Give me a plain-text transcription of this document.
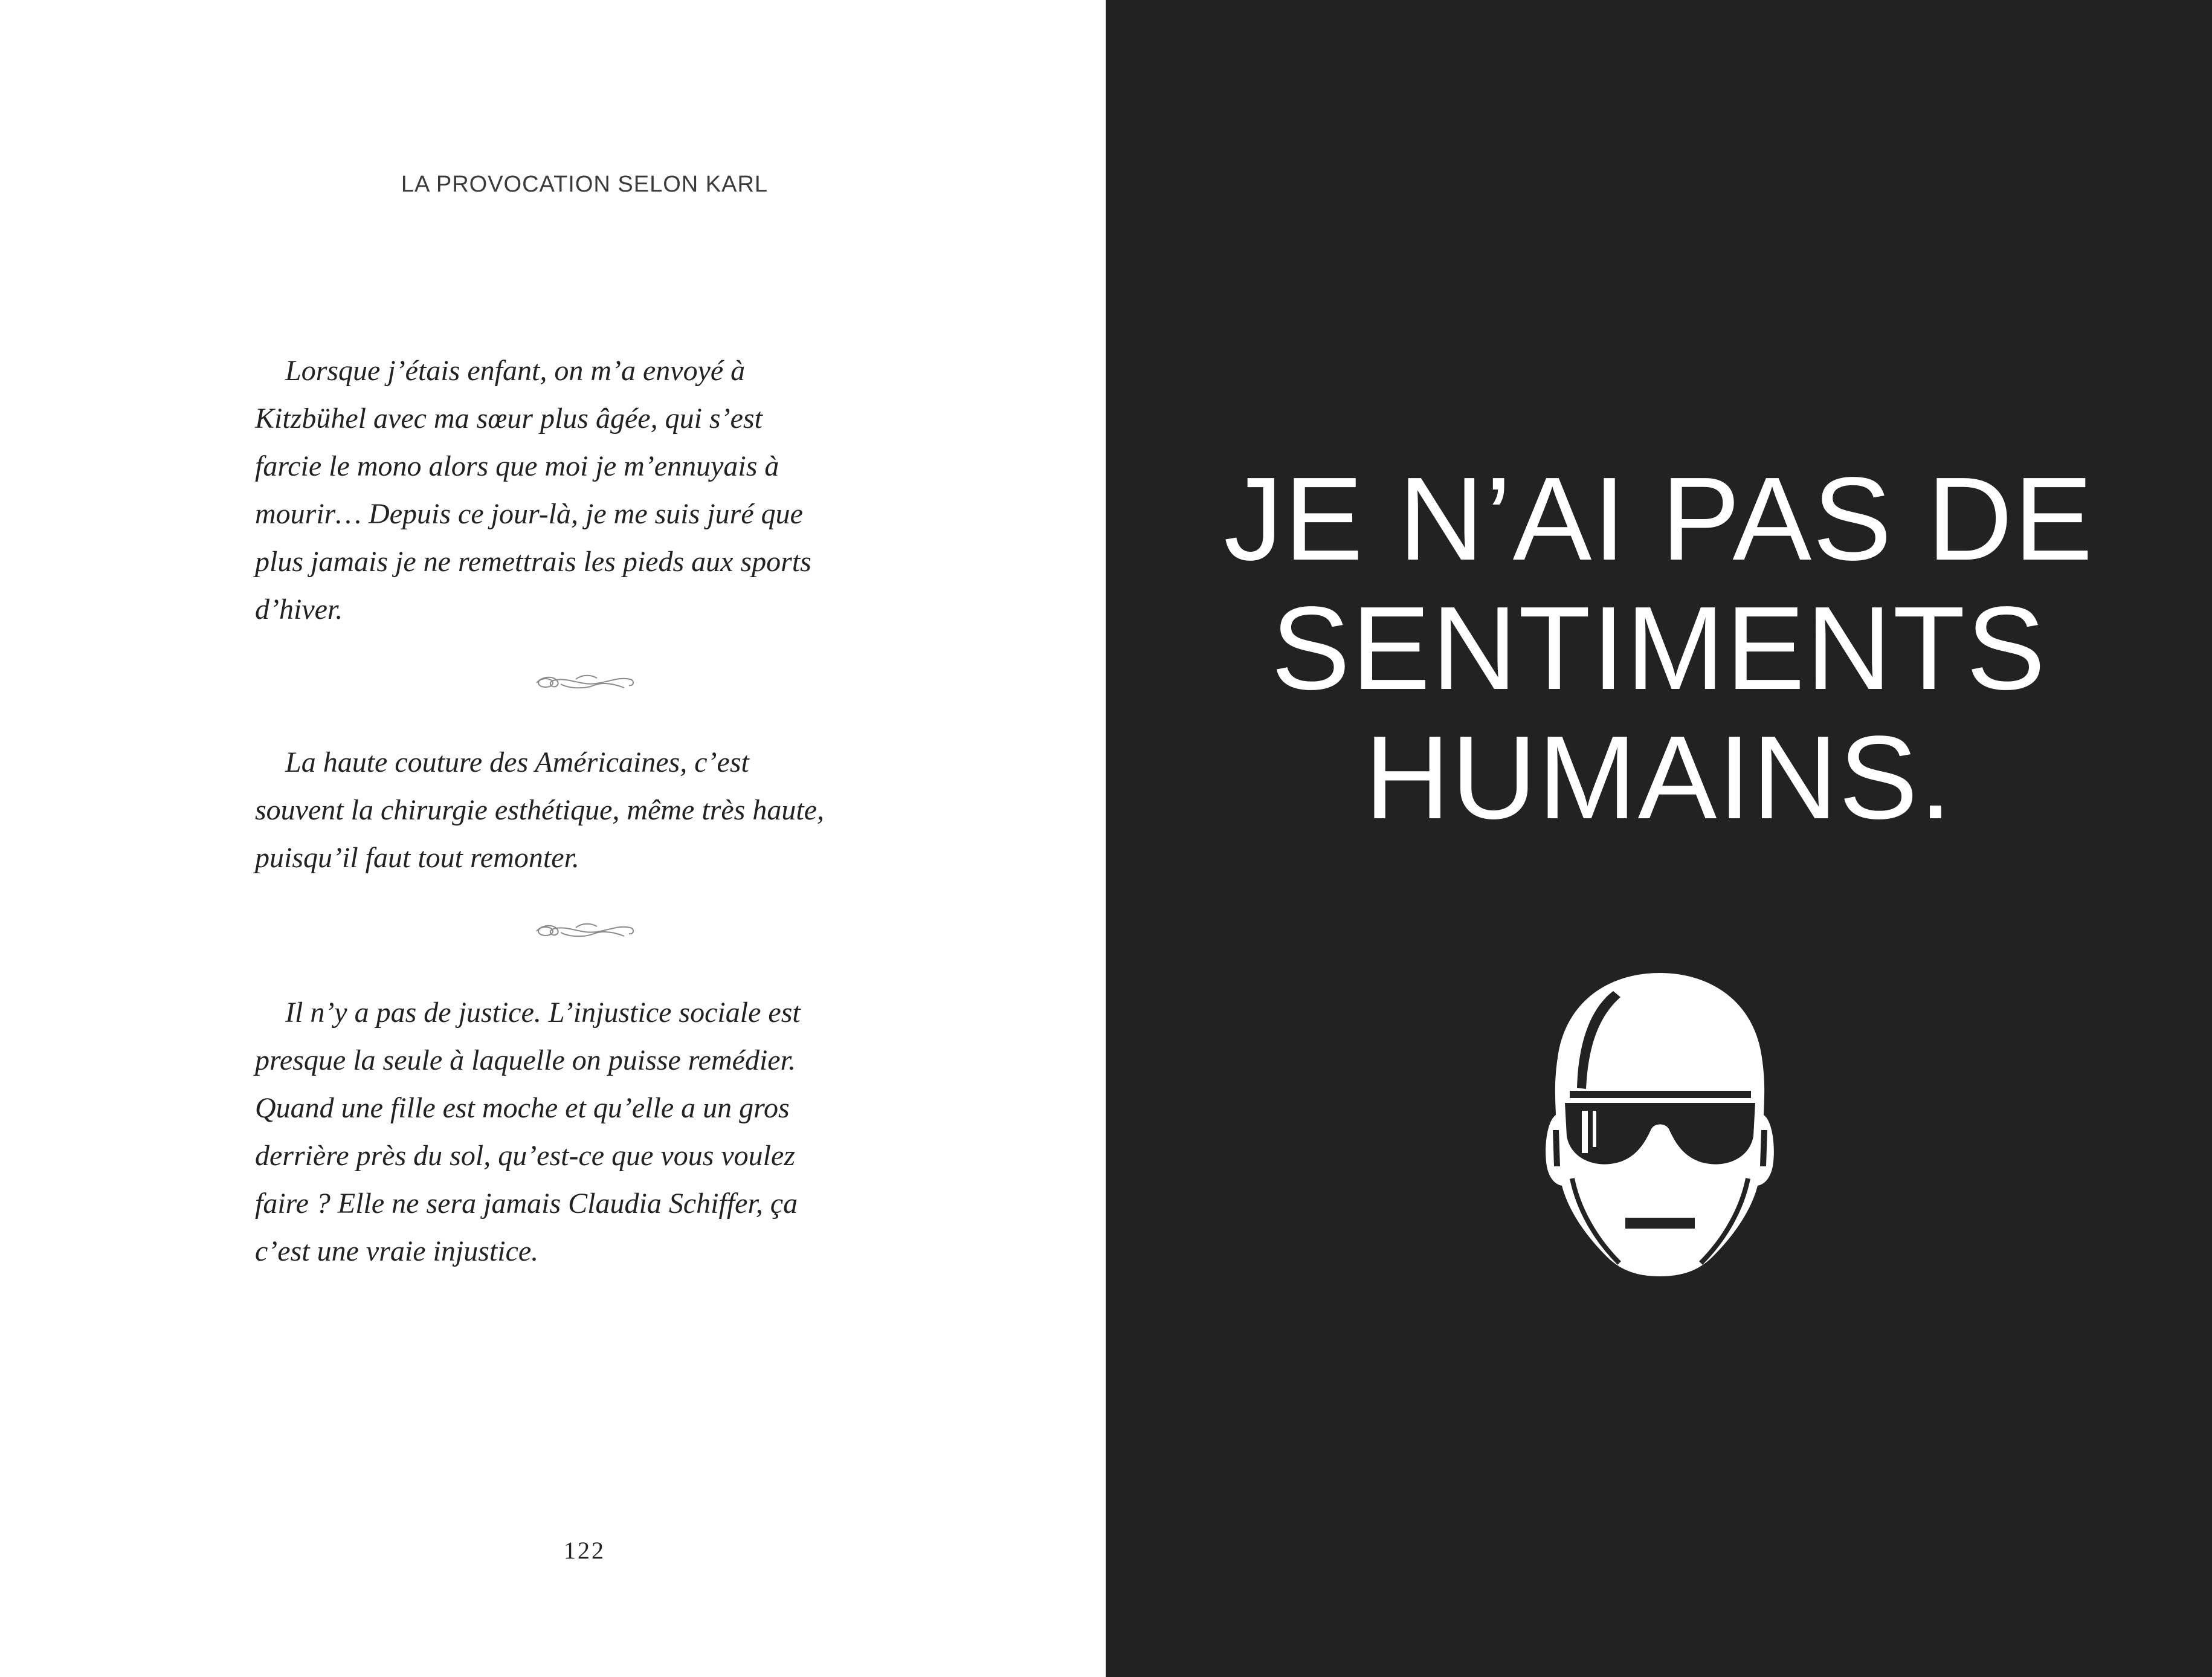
LA PROVOCATION SELON KARL

Lorsque j’étais enfant, on m’a envoyé à
Kitzbühel avec ma sœur plus âgée, qui s’est
farcie le mono alors que moi je m’ennuyais à
mourir… Depuis ce jour-là, je me suis juré que
plus jamais je ne remettrais les pieds aux sports
d’hiver.

La haute couture des Américaines, c’est
souvent la chirurgie esthétique, même très haute,
puisqu’il faut tout remonter.

Il n’y a pas de justice. L’injustice sociale est
presque la seule à laquelle on puisse remédier.
Quand une fille est moche et qu’elle a un gros
derrière près du sol, qu’est-ce que vous voulez
faire ? Elle ne sera jamais Claudia Schiffer, ça
c’est une vraie injustice.

122
JE N’AI PAS DE
SENTIMENTS
HUMAINS.
